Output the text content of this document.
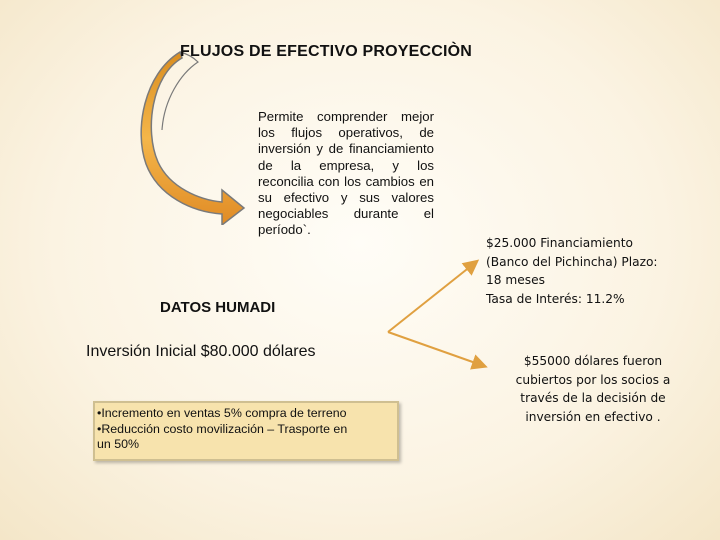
FLUJOS DE EFECTIVO PROYECCIÒN
Permite comprender mejor los flujos operativos, de inversión y de financiamiento de la empresa, y los reconcilia con los cambios en su efectivo y sus valores negociables durante el período`.
DATOS HUMADI
Inversión Inicial $80.000 dólares
•Incremento en ventas 5% compra de terreno
•Reducción costo movilización – Trasporte en
un 50%
$25.000 Financiamiento
(Banco del Pichincha) Plazo:
18 meses
Tasa de Interés: 11.2%
$55000 dólares fueron
cubiertos por los socios a
través de la decisión de
inversión en efectivo .
